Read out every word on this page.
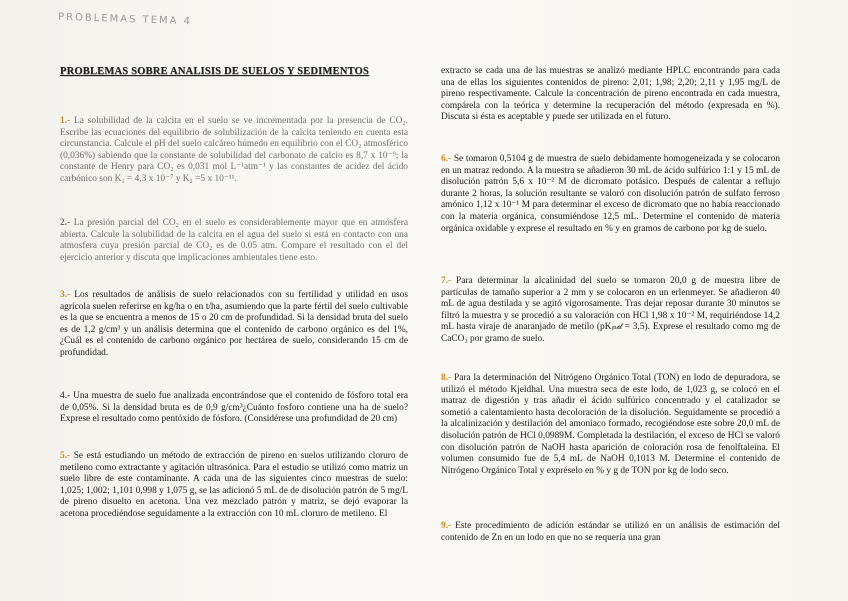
PROBLEMAS TEMA 4
PROBLEMAS SOBRE ANALISIS DE SUELOS Y SEDIMENTOS
1.- La solubilidad de la calcita en el suelo se ve incrementada por la presencia de CO₂. Escribe las ecuaciones del equilibrio de solubilización de la calcita teniendo en cuenta esta circunstancia. Calcule el pH del suelo calcáreo húmedo en equilibrio con el CO₂ atmosférico (0,036%) sabiendo que la constante de solubilidad del carbonato de calcio es 8,7 x 10⁻⁹; la constante de Henry para CO₂ es 0,031 mol L⁻¹atm⁻¹ y las constantes de acidez del ácido carbónico son K₁ = 4,3 x 10⁻⁷ y K₂ =5 x 10⁻¹¹.
2.- La presión parcial del CO₂ en el suelo es considerablemente mayor que en atmósfera abierta. Calcule la solubilidad de la calcita en el agua del suelo si está en contacto con una atmosfera cuya presión parcial de CO₂ es de 0.05 atm. Compare el resultado con el del ejercicio anterior y discuta que implicaciones ambientales tiene esto.
3.- Los resultados de análisis de suelo relacionados con su fertilidad y utilidad en usos agrícola suelen referirse en kg/ha o en t/ha, asumiendo que la parte fértil del suelo cultivable es la que se encuentra a menos de 15 o 20 cm de profundidad. Si la densidad bruta del suelo es de 1,2 g/cm³ y un análisis determina que el contenido de carbono orgánico es del 1%, ¿Cuál es el contenido de carbono orgánico por hectárea de suelo, considerando 15 cm de profundidad.
4.- Una muestra de suelo fue analizada encontrándose que el contenido de fósforo total era de 0,05%. Si la densidad bruta es de 0,9 g/cm³¿Cuánto fosforo contiene una ha de suelo? Exprese el resultado como pentóxido de fósforo. (Considérese una profundidad de 20 cm)
5.- Se está estudiando un método de extracción de pireno en suelos utilizando cloruro de metileno como extractante y agitación ultrasónica. Para el estudio se utilizó como matriz un suelo libre de este contaminante. A cada una de las siguientes cinco muestras de suelo: 1,025; 1,002; 1,101 0,998 y 1,075 g, se las adicionó 5 mL de de disolución patrón de 5 mg/L de pireno disuelto en acetona. Una vez mezclado patrón y matriz, se dejó evaporar la acetona procediéndose seguidamente a la extracción con 10 mL cloruro de metileno. El
extracto se cada una de las muestras se analizó mediante HPLC encontrando para cada una de ellas los siguientes contenidos de pireno: 2,01; 1,98; 2,20; 2,11 y 1,95 mg/L de pireno respectivamente. Calcule la concentración de pireno encontrada en cada muestra, compárela con la teórica y determine la recuperación del método (expresada en %). Discuta si ésta es aceptable y puede ser utilizada en el futuro.
6.- Se tomaron 0,5104 g de muestra de suelo debidamente homogeneizada y se colocaron en un matraz redondo. A la muestra se añadieron 30 mL de ácido sulfúrico 1:1 y 15 mL de disolución patrón 5,6 x 10⁻² M de dicromato potásico. Después de calentar a reflujo durante 2 horas, la solución resultante se valoró con disolución patrón de sulfato ferroso amónico 1,12 x 10⁻¹ M para determinar el exceso de dicromato que no había reaccionado con la materia orgánica, consumiéndose 12,5 mL. Determine el contenido de materia orgánica oxidable y exprese el resultado en % y en gramos de carbono por kg de suelo.
7.- Para determinar la alcalinidad del suelo se tomaron 20,0 g de muestra libre de partículas de tamaño superior a 2 mm y se colocaron en un erlenmeyer. Se añadieron 40 mL de agua destilada y se agitó vigorosamente. Tras dejar reposar durante 30 minutos se filtró la muestra y se procedió a su valoración con HCl 1,98 x 10⁻² M, requiriéndose 14,2 mL hasta viraje de anaranjado de metilo (pKᵢₙ𝒹 = 3,5). Exprese el resultado como mg de CaCO₃ por gramo de suelo.
8.- Para la determinación del Nitrógeno Orgánico Total (TON) en lodo de depuradora, se utilizó el método Kjeldhal. Una muestra seca de este lodo, de 1,023 g, se colocó en el matraz de digestión y tras añadir el ácido sulfúrico concentrado y el catalizador se sometió a calentamiento hasta decoloración de la disolución. Seguidamente se procedió a la alcalinización y destilación del amoniaco formado, recogiéndose este sobre 20,0 mL de disolución patrón de HCl 0,0989M. Completada la destilación, el exceso de HCl se valoró con disolución patrón de NaOH hasta aparición de coloración rosa de fenolftaleína. El volumen consumido fue de 5,4 mL de NaOH 0,1013 M. Determine el contenido de Nitrógeno Orgánico Total y expréselo en % y g de TON por kg de lodo seco.
9.- Este procedimiento de adición estándar se utilizó en un análisis de estimación del contenido de Zn en un lodo en que no se requería una gran
